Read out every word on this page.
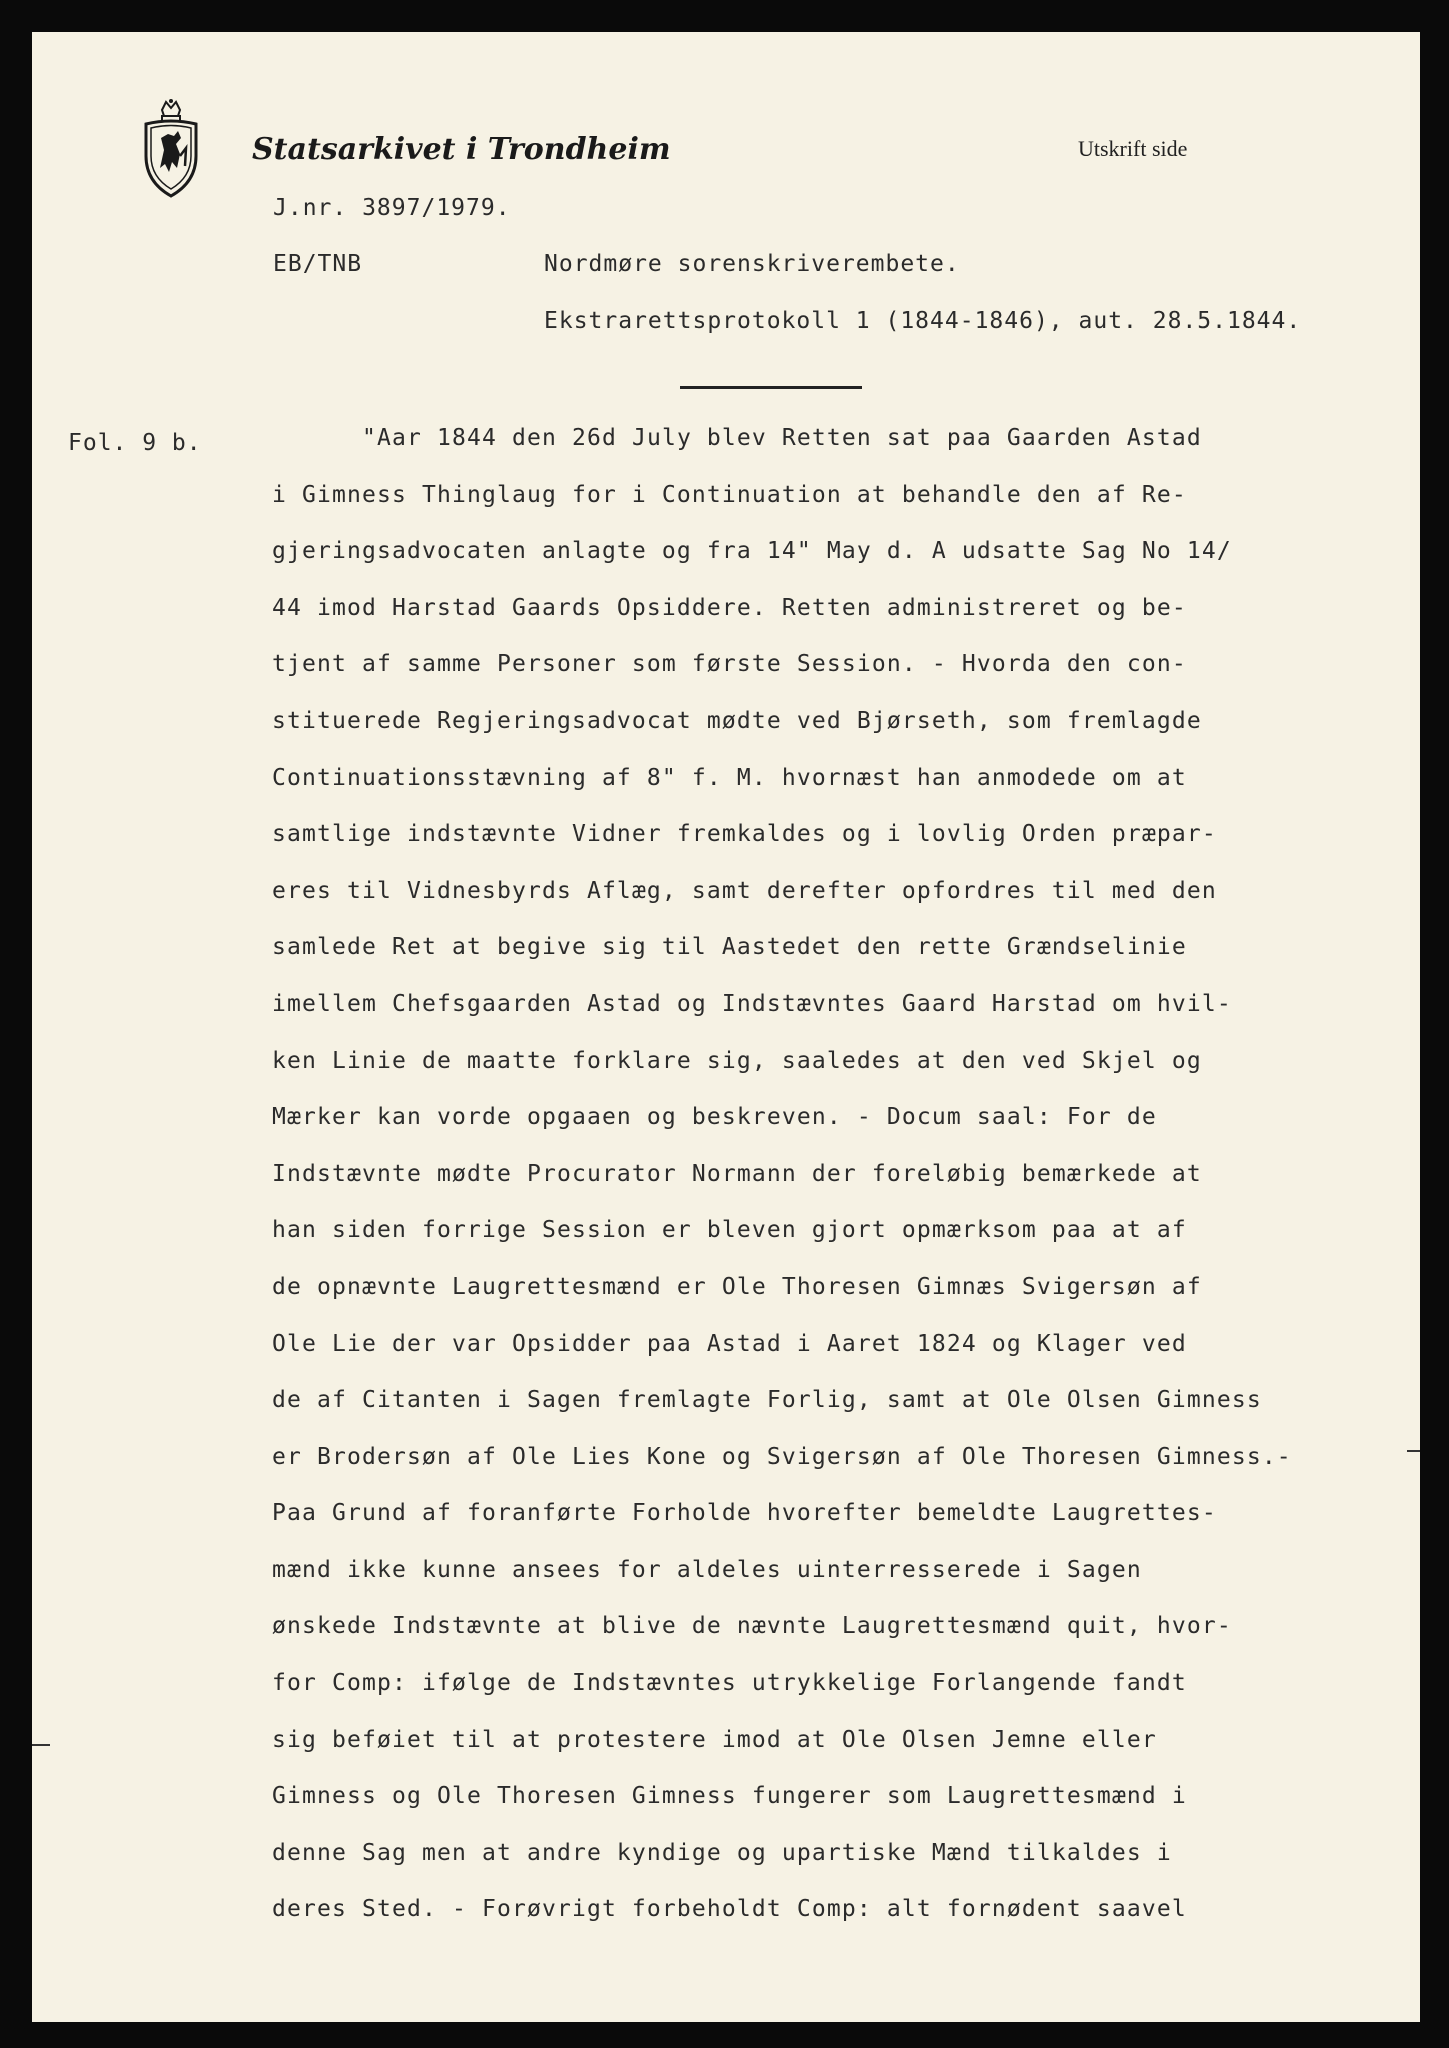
Statsarkivet i Trondheim	Utskrift side
J.nr. 3897/1979.
EB/TNB	Nordmøre sorenskriverembete.
Ekstrarettsprotokoll 1 (1844-1846), aut. 28.5.1844.
Fol. 9 b.	"Aar 1844 den 26d July blev Retten sat paa Gaarden Astad
i Gimness Thinglaug for i Continuation at behandle den af Re-
gjeringsadvocaten anlagte og fra 14" May d. A udsatte Sag No 14/
44 imod Harstad Gaards Opsiddere. Retten administreret og be-
tjent af samme Personer som første Session. - Hvorda den con-
stituerede Regjeringsadvocat mødte ved Bjørseth, som fremlagde
Continuationsstævning af 8" f. M. hvornæst han anmodede om at
samtlige indstævnte Vidner fremkaldes og i lovlig Orden præpar-
eres til Vidnesbyrds Aflæg, samt derefter opfordres til med den
samlede Ret at begive sig til Aastedet den rette Grændselinie
imellem Chefsgaarden Astad og Indstævntes Gaard Harstad om hvil-
ken Linie de maatte forklare sig, saaledes at den ved Skjel og
Mærker kan vorde opgaaen og beskreven. - Docum saal: For de
Indstævnte mødte Procurator Normann der foreløbig bemærkede at
han siden forrige Session er bleven gjort opmærksom paa at af
de opnævnte Laugrettesmænd er Ole Thoresen Gimnæs Svigersøn af
Ole Lie der var Opsidder paa Astad i Aaret 1824 og Klager ved
de af Citanten i Sagen fremlagte Forlig, samt at Ole Olsen Gimness
er Brodersøn af Ole Lies Kone og Svigersøn af Ole Thoresen Gimness.-
Paa Grund af foranførte Forholde hvorefter bemeldte Laugrettes-
mænd ikke kunne ansees for aldeles uinterresserede i Sagen
ønskede Indstævnte at blive de nævnte Laugrettesmænd quit, hvor-
for Comp: ifølge de Indstævntes utrykkelige Forlangende fandt
sig beføiet til at protestere imod at Ole Olsen Jemne eller
Gimness og Ole Thoresen Gimness fungerer som Laugrettesmænd i
denne Sag men at andre kyndige og upartiske Mænd tilkaldes i
deres Sted. - Forøvrigt forbeholdt Comp: alt fornødent saavel
